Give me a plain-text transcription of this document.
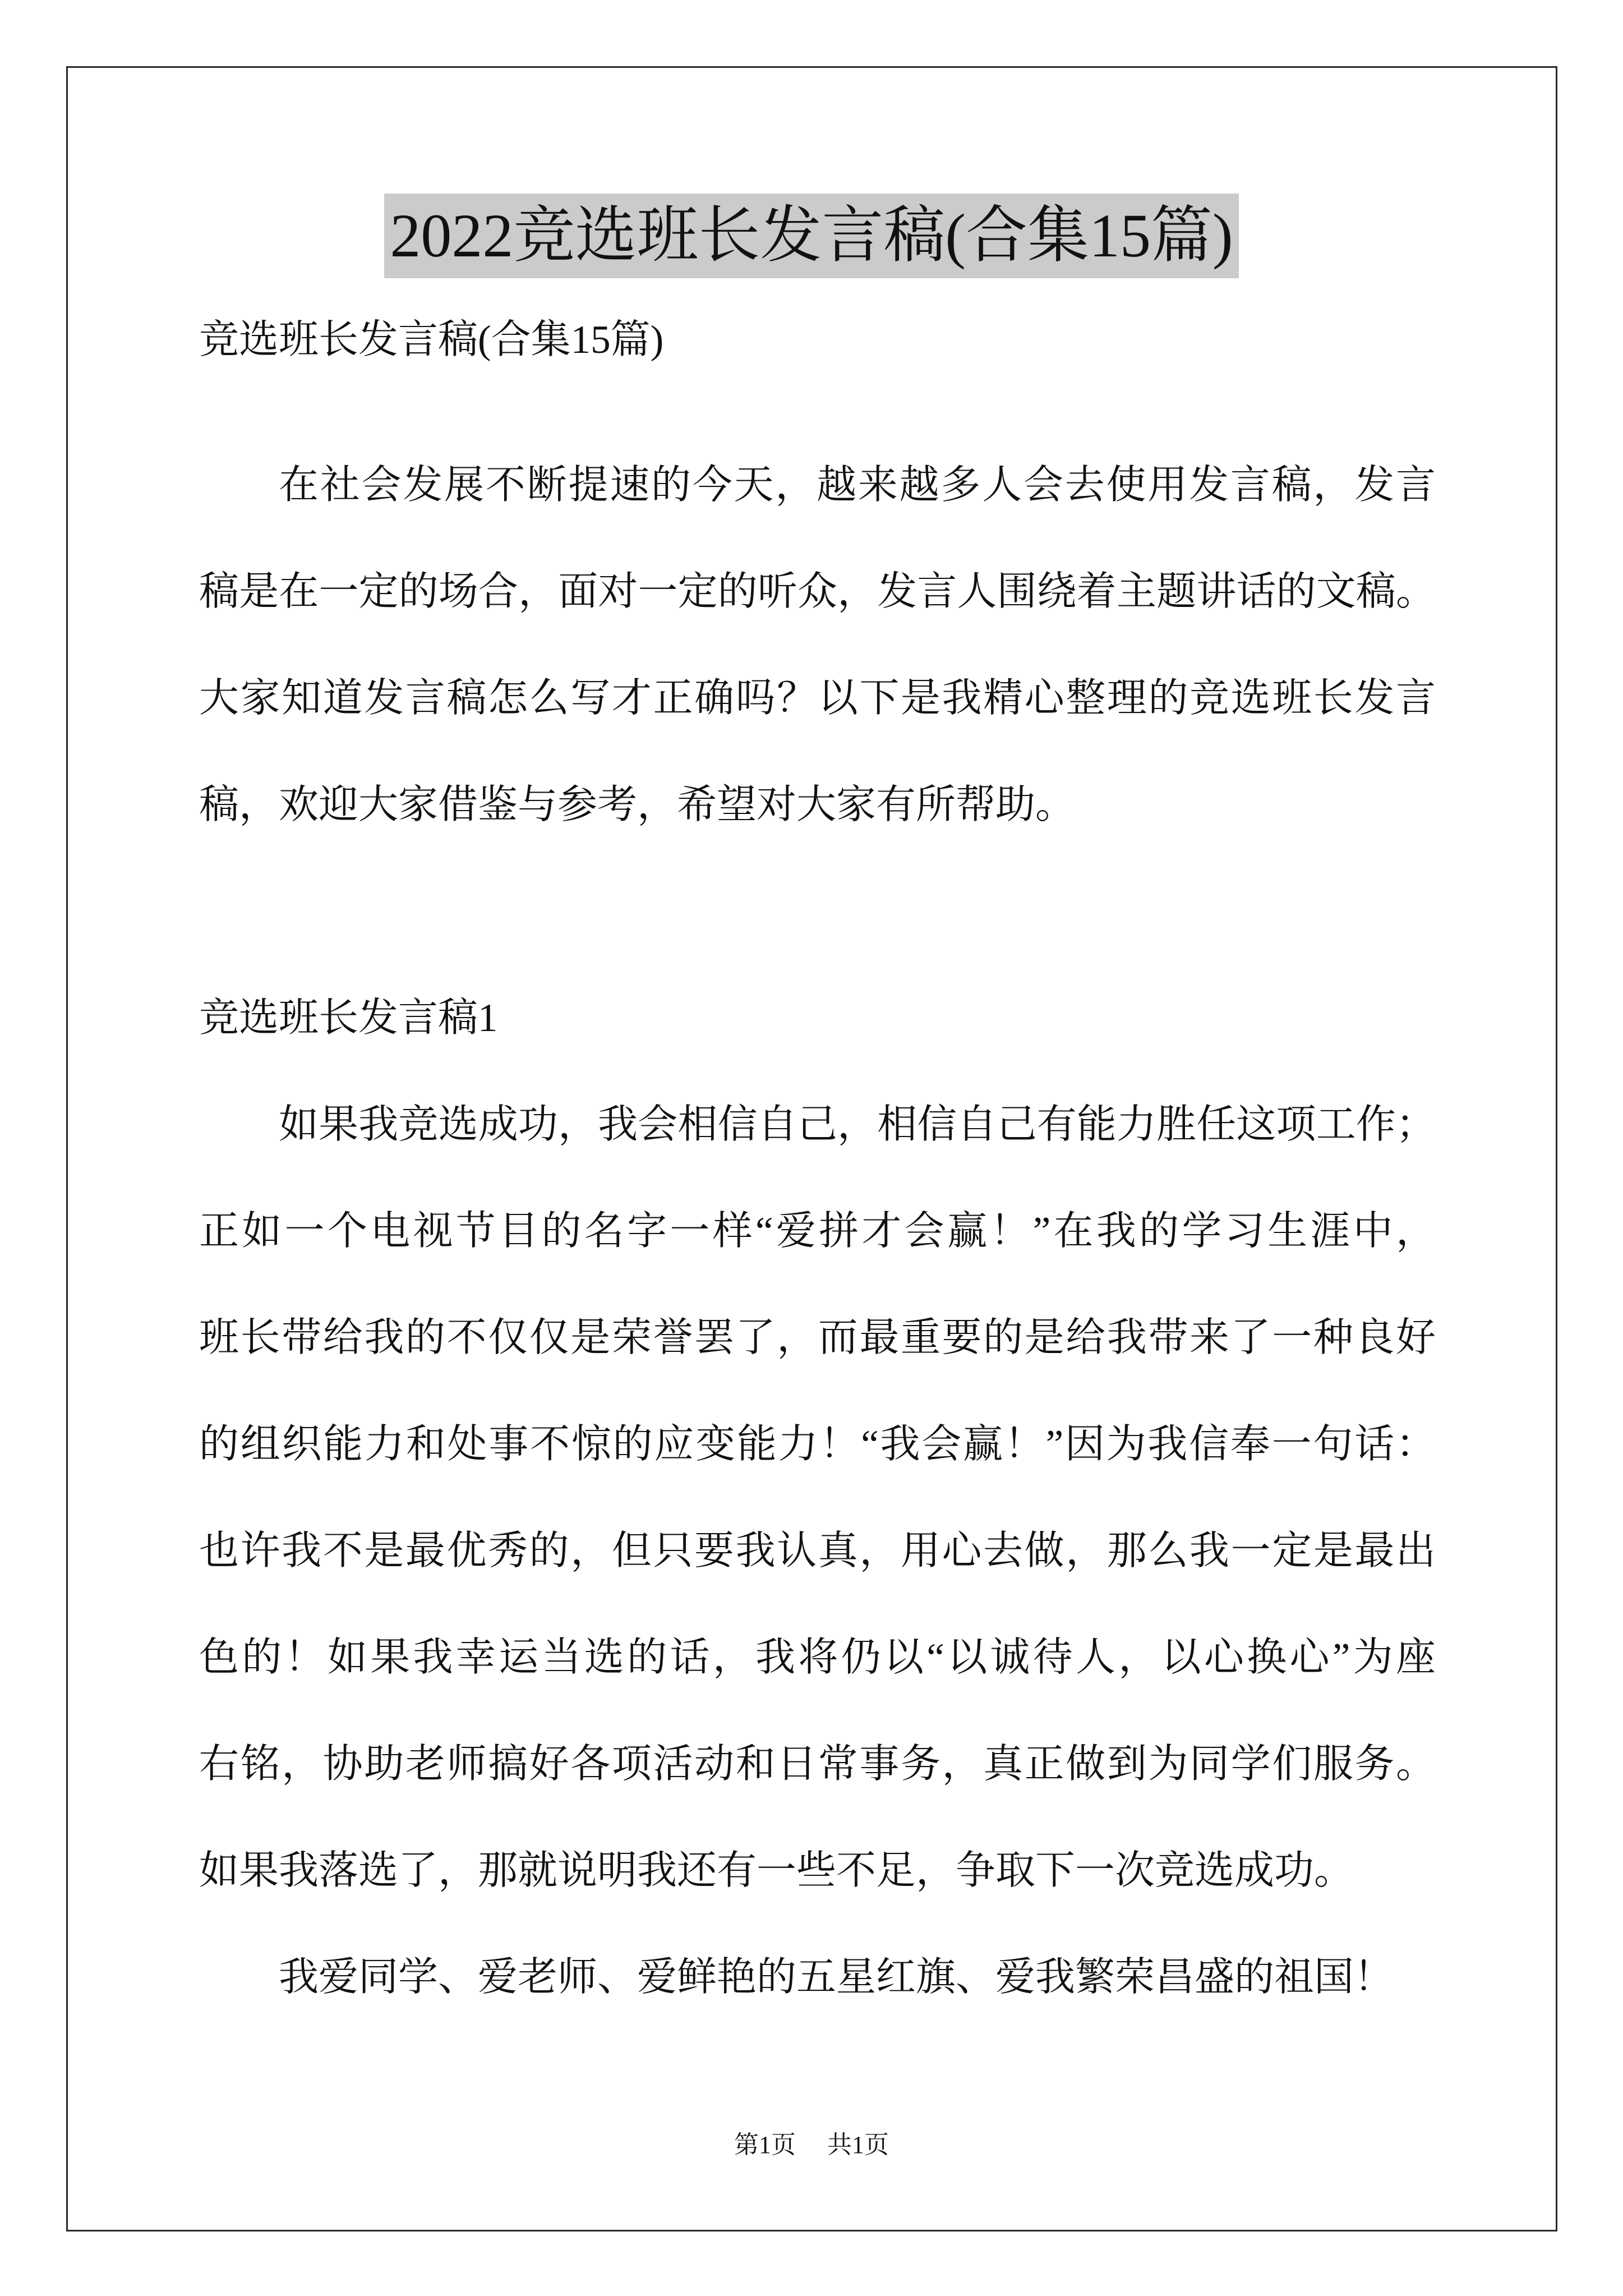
2022竞选班长发言稿(合集15篇)
竞选班长发言稿(合集15篇)
在社会发展不断提速的今天，越来越多人会去使用发言稿，发言
稿是在一定的场合，面对一定的听众，发言人围绕着主题讲话的文稿。
大家知道发言稿怎么写才正确吗？以下是我精心整理的竞选班长发言
稿，欢迎大家借鉴与参考，希望对大家有所帮助。
竞选班长发言稿1
如果我竞选成功，我会相信自己，相信自己有能力胜任这项工作；
正如一个电视节目的名字一样“爱拼才会赢！”在我的学习生涯中，
班长带给我的不仅仅是荣誉罢了，而最重要的是给我带来了一种良好
的组织能力和处事不惊的应变能力！“我会赢！”因为我信奉一句话：
也许我不是最优秀的，但只要我认真，用心去做，那么我一定是最出
色的！如果我幸运当选的话，我将仍以“以诚待人，以心换心”为座
右铭，协助老师搞好各项活动和日常事务，真正做到为同学们服务。
如果我落选了，那就说明我还有一些不足，争取下一次竞选成功。
我爱同学、爱老师、爱鲜艳的五星红旗、爱我繁荣昌盛的祖国！
第1页 共1页
